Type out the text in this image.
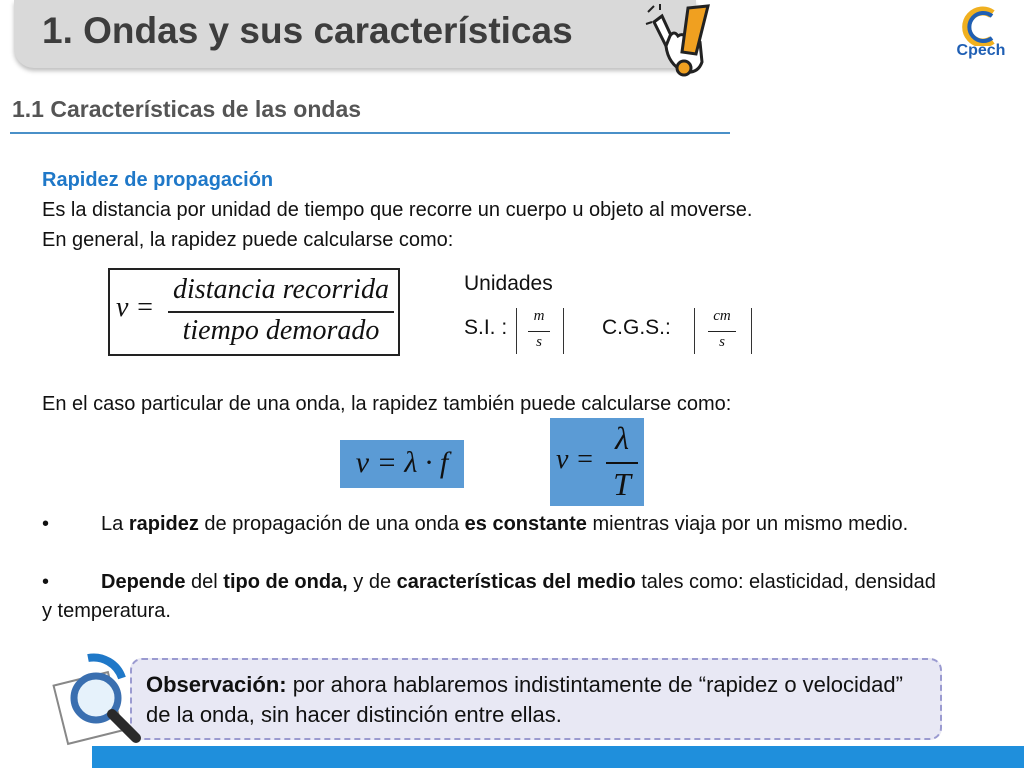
1. Ondas y sus características	Cpech
1.1 Características de las ondas
Rapidez de propagación
Es la distancia por unidad de tiempo que recorre un cuerpo u objeto al moverse.
En general, la rapidez puede calcularse como:
v =
distancia recorrida
tiempo demorado
Unidades
S.I. :	m
s
C.G.S.:	cm
s
En el caso particular de una onda, la rapidez también puede calcularse como:
v = λ · f	v =
λ
T
•	La rapidez de propagación de una onda es constante mientras viaja por un mismo medio.
•	Depende del tipo de onda, y de características del medio tales como: elasticidad, densidad y temperatura.
Observación: por ahora hablaremos indistintamente de “rapidez o velocidad” de la onda, sin hacer distinción entre ellas.
